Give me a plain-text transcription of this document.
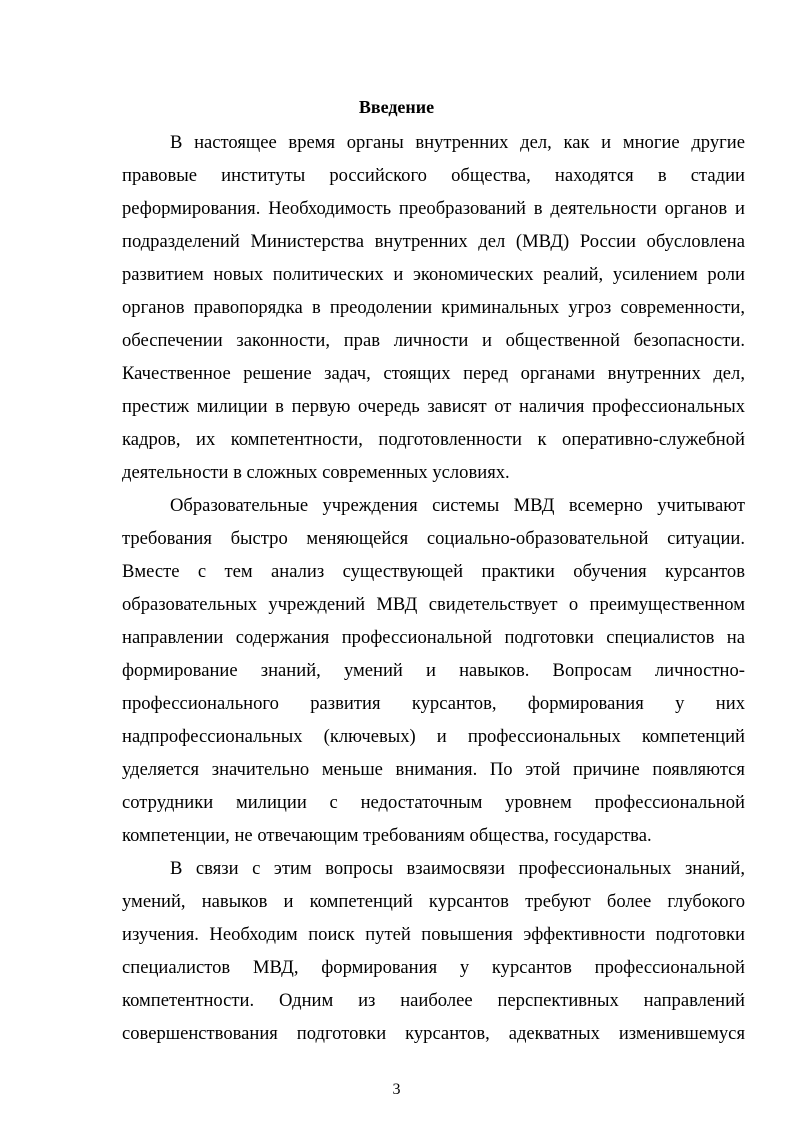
Введение
В настоящее время органы внутренних дел, как и многие другие
правовые институты российского общества, находятся в стадии
реформирования. Необходимость преобразований в деятельности органов и
подразделений Министерства внутренних дел (МВД) России обусловлена
развитием новых политических и экономических реалий, усилением роли
органов правопорядка в преодолении криминальных угроз современности,
обеспечении законности, прав личности и общественной безопасности.
Качественное решение задач, стоящих перед органами внутренних дел,
престиж милиции в первую очередь зависят от наличия профессиональных
кадров, их компетентности, подготовленности к оперативно-служебной
деятельности в сложных современных условиях.
Образовательные учреждения системы МВД всемерно учитывают
требования быстро меняющейся социально-образовательной ситуации.
Вместе с тем анализ существующей практики обучения курсантов
образовательных учреждений МВД свидетельствует о преимущественном
направлении содержания профессиональной подготовки специалистов на
формирование знаний, умений и навыков. Вопросам личностно-
профессионального развития курсантов, формирования у них
надпрофессиональных (ключевых) и профессиональных компетенций
уделяется значительно меньше внимания. По этой причине появляются
сотрудники милиции с недостаточным уровнем профессиональной
компетенции, не отвечающим требованиям общества, государства.
В связи с этим вопросы взаимосвязи профессиональных знаний,
умений, навыков и компетенций курсантов требуют более глубокого
изучения. Необходим поиск путей повышения эффективности подготовки
специалистов МВД, формирования у курсантов профессиональной
компетентности. Одним из наиболее перспективных направлений
совершенствования подготовки курсантов, адекватных изменившемуся
3
